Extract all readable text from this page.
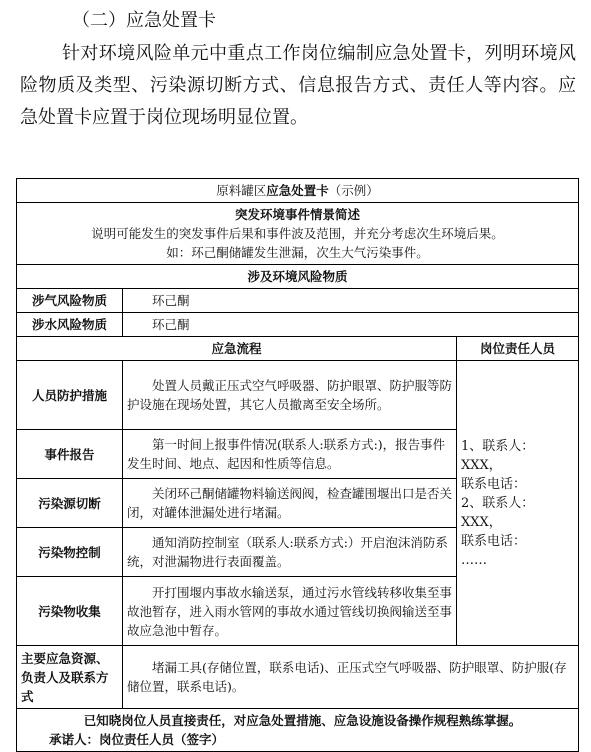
（二）应急处置卡
针对环境风险单元中重点工作岗位编制应急处置卡，列明环境风险物质及类型、污染源切断方式、信息报告方式、责任人等内容。应急处置卡应置于岗位现场明显位置。
原料罐区应急处置卡（示例）		

突发环境事件情景简述
说明可能发生的突发事件后果和事件波及范围，并充分考虑次生环境后果。
如：环己酮储罐发生泄漏，次生大气污染事件。		

涉及环境风险物质		
涉气风险物质	环己酮	
涉水风险物质	环己酮	
应急流程		岗位责任人员
人员防护措施	处置人员戴正压式空气呼吸器、防护眼罩、防护服等防护设施在现场处置，其它人员撤离至安全场所。	1、联系人：XXX，
联系电话：
2、联系人：XXX，
联系电话：
……

事件报告	第一时间上报事件情况(联系人:联系方式:)，报告事件发生时间、地点、起因和性质等信息。	
污染源切断	关闭环己酮储罐物料输送阀阀，检查罐围堰出口是否关闭，对罐体泄漏处进行堵漏。	
污染物控制	通知消防控制室（联系人:联系方式:）开启泡沫消防系统，对泄漏物进行表面覆盖。	
污染物收集	开打围堰内事故水输送泵，通过污水管线转移收集至事故池暂存，进入雨水管网的事故水通过管线切换阀输送至事故应急池中暂存。	
主要应急资源、负责人及联系方式	堵漏工具(存储位置，联系电话)、正压式空气呼吸器、防护眼罩、防护服(存储位置，联系电话)。	

已知晓岗位人员直接责任，对应急处置措施、应急设施设备操作规程熟练掌握。
承诺人：岗位责任人员（签字）		
